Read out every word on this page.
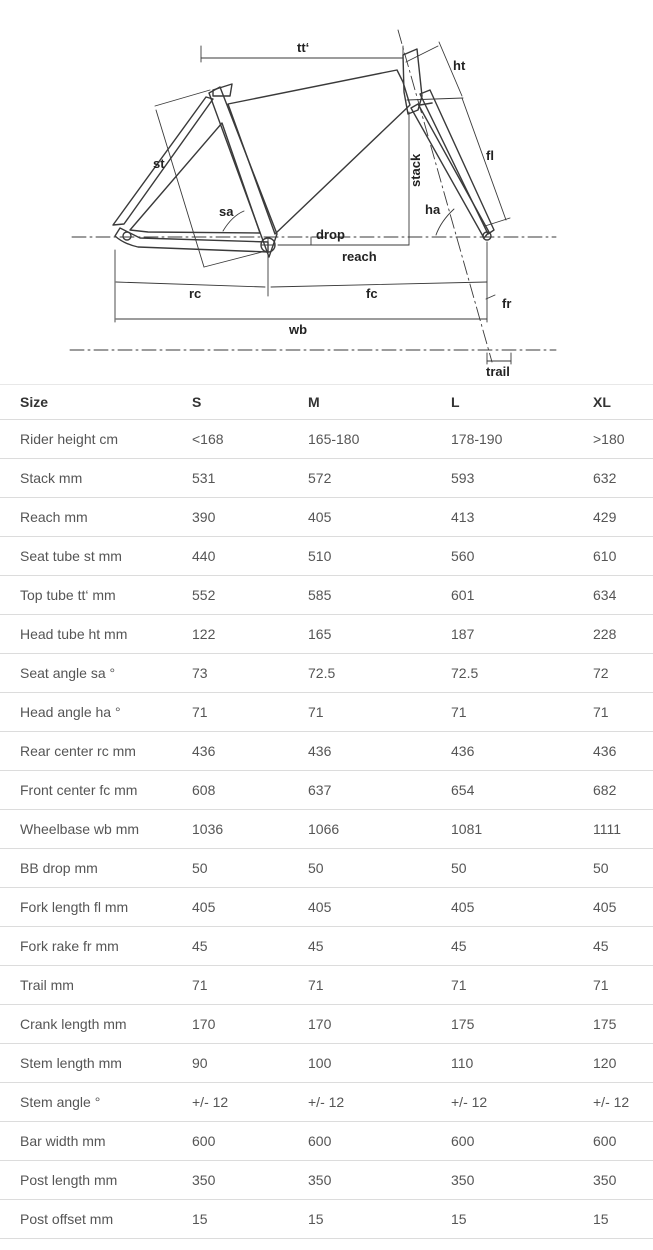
tt‘
ht
st
fl
stack
sa	ha
drop
reach
rc	fc
fr
wb
trail
Size	S	M	L	XL
Rider height cm	<168	165-180	178-190	>180
Stack mm	531	572	593	632
Reach mm	390	405	413	429
Seat tube st mm	440	510	560	610
Top tube tt‘ mm	552	585	601	634
Head tube ht mm	122	165	187	228
Seat angle sa °	73	72.5	72.5	72
Head angle ha °	71	71	71	71
Rear center rc mm	436	436	436	436
Front center fc mm	608	637	654	682
Wheelbase wb mm	1036	1066	1081	1111
BB drop mm	50	50	50	50
Fork length fl mm	405	405	405	405
Fork rake fr mm	45	45	45	45
Trail mm	71	71	71	71
Crank length mm	170	170	175	175
Stem length mm	90	100	110	120
Stem angle °	+/- 12	+/- 12	+/- 12	+/- 12
Bar width mm	600	600	600	600
Post length mm	350	350	350	350
Post offset mm	15	15	15	15
